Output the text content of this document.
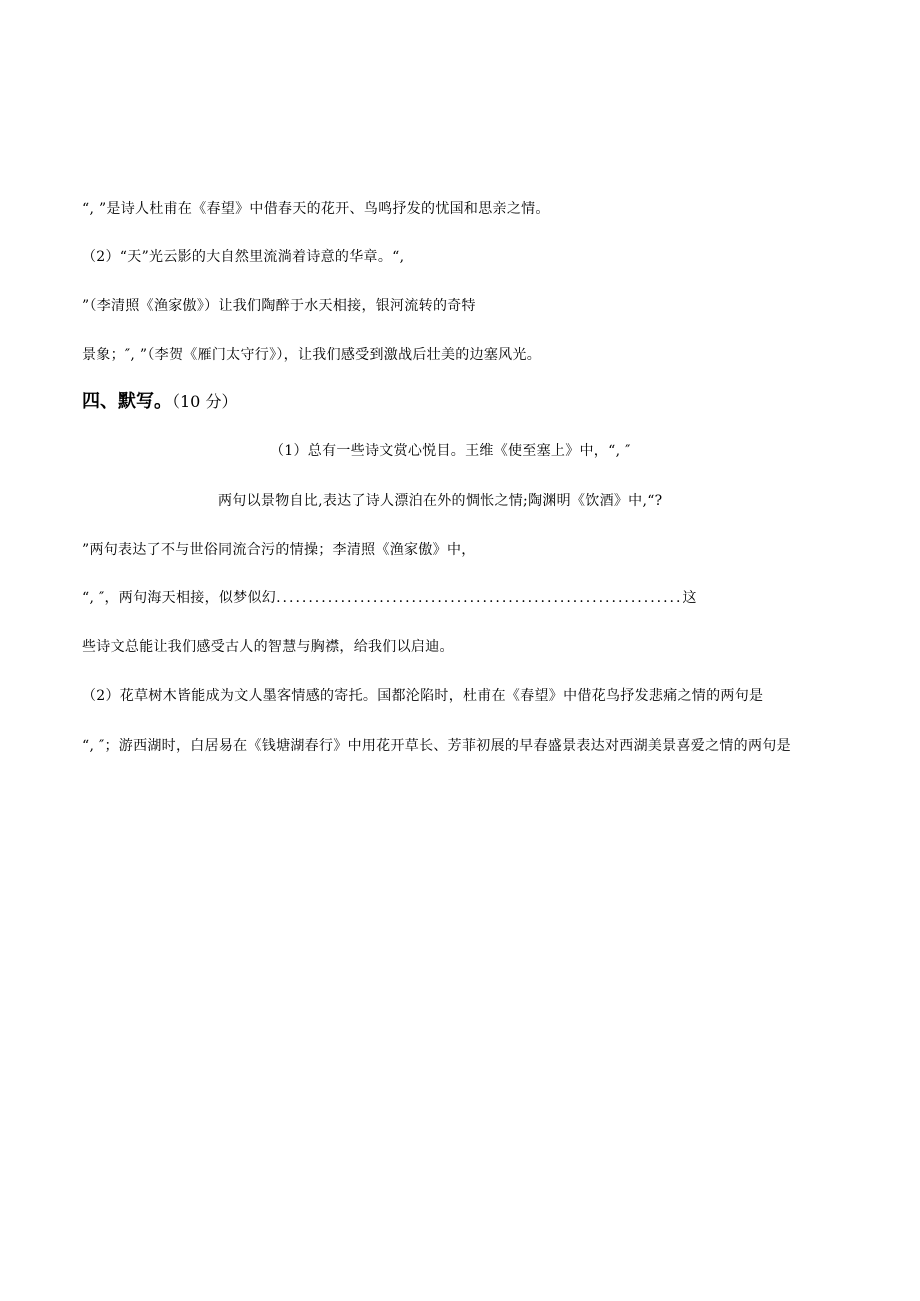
“, ”是诗人杜甫在《春望》中借春天的花开、鸟鸣抒发的忧国和思亲之情。
（2）“天”光云影的大自然里流淌着诗意的华章。“,
”（李清照《渔家傲》）让我们陶醉于水天相接，银河流转的奇特
景象；″, ”（李贺《雁门太守行》），让我们感受到激战后壮美的边塞风光。
四、默写。（10 分）
（1）总有一些诗文赏心悦目。王维《使至塞上》中，“, ″
两句以景物自比,表达了诗人漂泊在外的惆怅之情;陶渊明《饮酒》中,“?
”两句表达了不与世俗同流合污的情操；李清照《渔家傲》中，
“, ″，两句海天相接，似梦似幻...............................................................这
些诗文总能让我们感受古人的智慧与胸襟，给我们以启迪。
（2）花草树木皆能成为文人墨客情感的寄托。国都沦陷时，杜甫在《春望》中借花鸟抒发悲痛之情的两句是
“, ″；游西湖时，白居易在《钱塘湖春行》中用花开草长、芳菲初展的早春盛景表达对西湖美景喜爱之情的两句是
